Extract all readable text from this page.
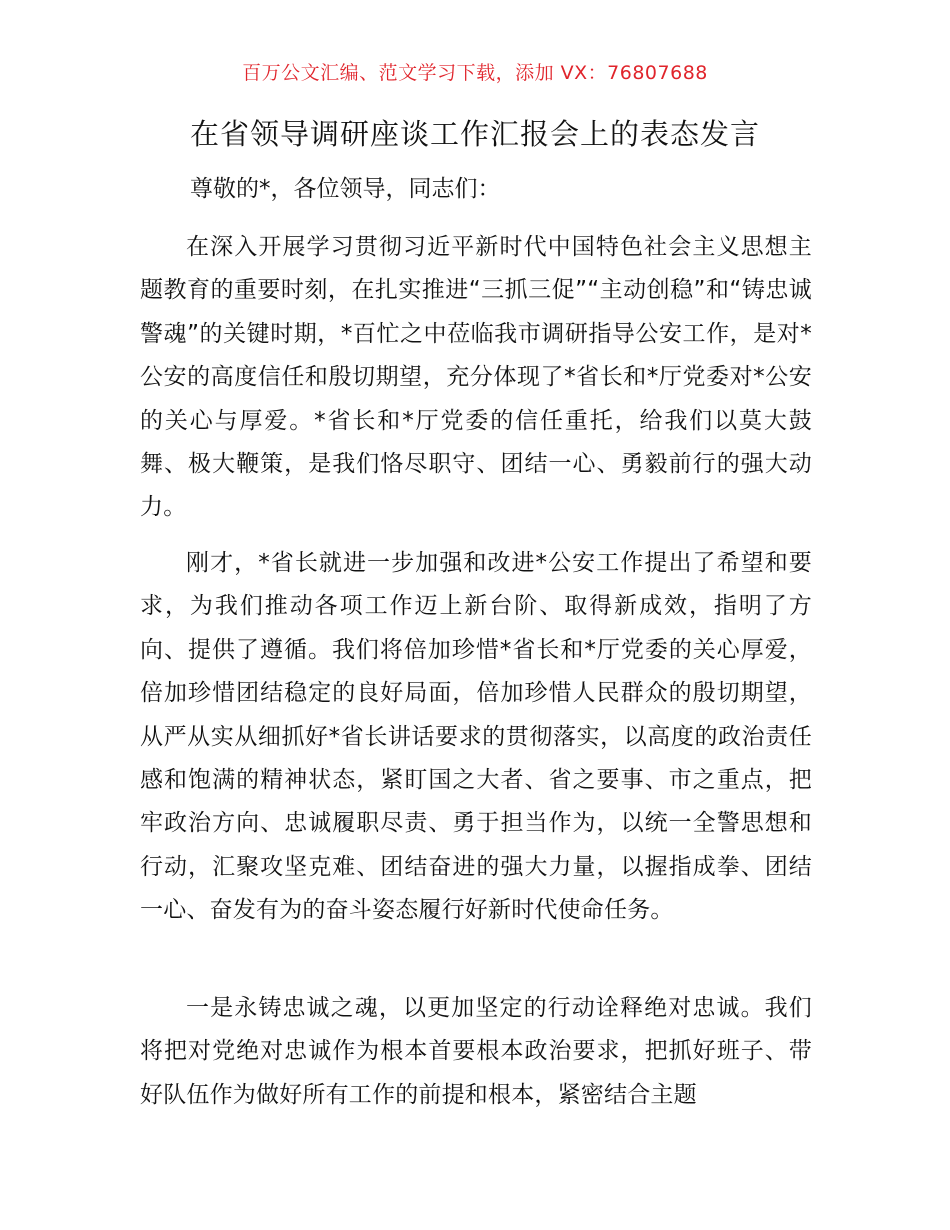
百万公文汇编、范文学习下载，添加 VX：76807688
在省领导调研座谈工作汇报会上的表态发言
尊敬的*，各位领导，同志们：

在深入开展学习贯彻习近平新时代中国特色社会主义思想主题教育的重要时刻，在扎实推进“三抓三促”“主动创稳”和“铸忠诚警魂”的关键时期，*百忙之中莅临我市调研指导公安工作，是对*公安的高度信任和殷切期望，充分体现了*省长和*厅党委对*公安的关心与厚爱。*省长和*厅党委的信任重托，给我们以莫大鼓舞、极大鞭策，是我们恪尽职守、团结一心、勇毅前行的强大动力。

刚才，*省长就进一步加强和改进*公安工作提出了希望和要求，为我们推动各项工作迈上新台阶、取得新成效，指明了方向、提供了遵循。我们将倍加珍惜*省长和*厅党委的关心厚爱，倍加珍惜团结稳定的良好局面，倍加珍惜人民群众的殷切期望，从严从实从细抓好*省长讲话要求的贯彻落实，以高度的政治责任感和饱满的精神状态，紧盯国之大者、省之要事、市之重点，把牢政治方向、忠诚履职尽责、勇于担当作为，以统一全警思想和行动，汇聚攻坚克难、团结奋进的强大力量，以握指成拳、团结一心、奋发有为的奋斗姿态履行好新时代使命任务。

一是永铸忠诚之魂，以更加坚定的行动诠释绝对忠诚。我们将把对党绝对忠诚作为根本首要根本政治要求，把抓好班子、带好队伍作为做好所有工作的前提和根本，紧密结合主题
